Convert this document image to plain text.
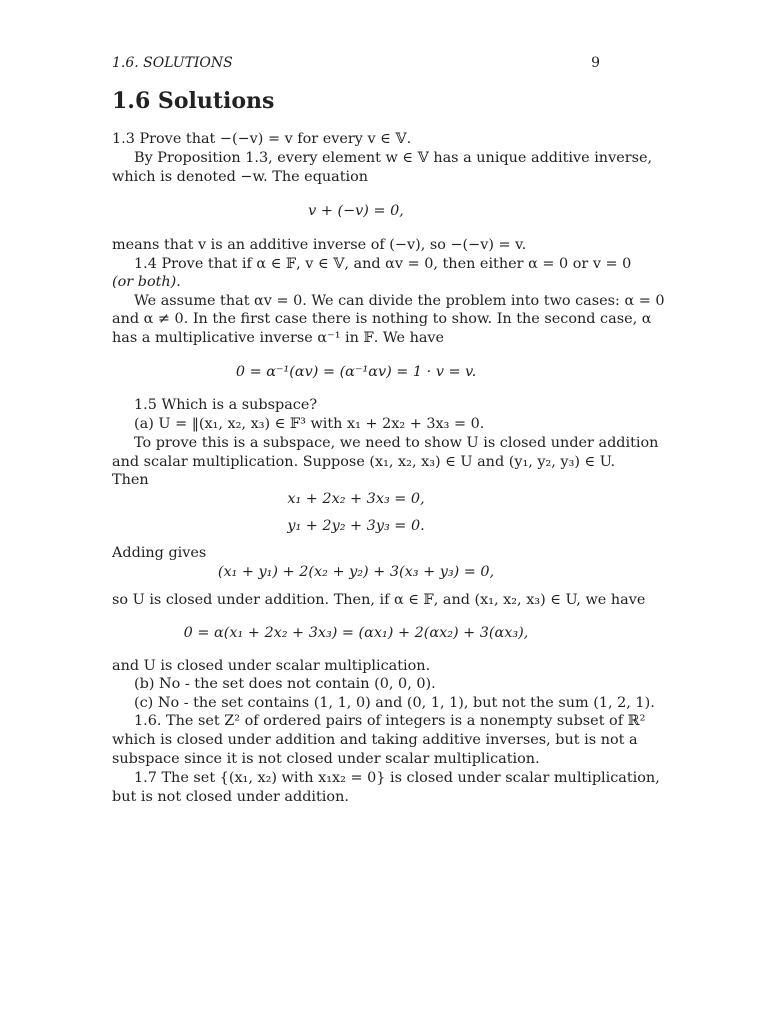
1.6. SOLUTIONS	9
1.6 Solutions
1.3 Prove that −(−v) = v for every v ∈ 𝕍.
By Proposition 1.3, every element w ∈ 𝕍 has a unique additive inverse,
which is denoted −w. The equation
v + (−v) = 0,
means that v is an additive inverse of (−v), so −(−v) = v.
1.4 Prove that if α ∈ 𝔽, v ∈ 𝕍, and αv = 0, then either α = 0 or v = 0
(or both).
We assume that αv = 0. We can divide the problem into two cases: α = 0
and α ≠ 0. In the first case there is nothing to show. In the second case, α
has a multiplicative inverse α⁻¹ in 𝔽. We have
0 = α⁻¹(αv) = (α⁻¹αv) = 1 · v = v.
1.5 Which is a subspace?
(a) U = ‖(x₁, x₂, x₃) ∈ 𝔽³ with x₁ + 2x₂ + 3x₃ = 0.
To prove this is a subspace, we need to show U is closed under addition
and scalar multiplication. Suppose (x₁, x₂, x₃) ∈ U and (y₁, y₂, y₃) ∈ U.
Then
x₁ + 2x₂ + 3x₃ = 0,
y₁ + 2y₂ + 3y₃ = 0.
Adding gives
(x₁ + y₁) + 2(x₂ + y₂) + 3(x₃ + y₃) = 0,
so U is closed under addition. Then, if α ∈ 𝔽, and (x₁, x₂, x₃) ∈ U, we have
0 = α(x₁ + 2x₂ + 3x₃) = (αx₁) + 2(αx₂) + 3(αx₃),
and U is closed under scalar multiplication.
(b) No - the set does not contain (0, 0, 0).
(c) No - the set contains (1, 1, 0) and (0, 1, 1), but not the sum (1, 2, 1).
1.6. The set Z² of ordered pairs of integers is a nonempty subset of ℝ²
which is closed under addition and taking additive inverses, but is not a
subspace since it is not closed under scalar multiplication.
1.7 The set {(x₁, x₂) with x₁x₂ = 0} is closed under scalar multiplication,
but is not closed under addition.
